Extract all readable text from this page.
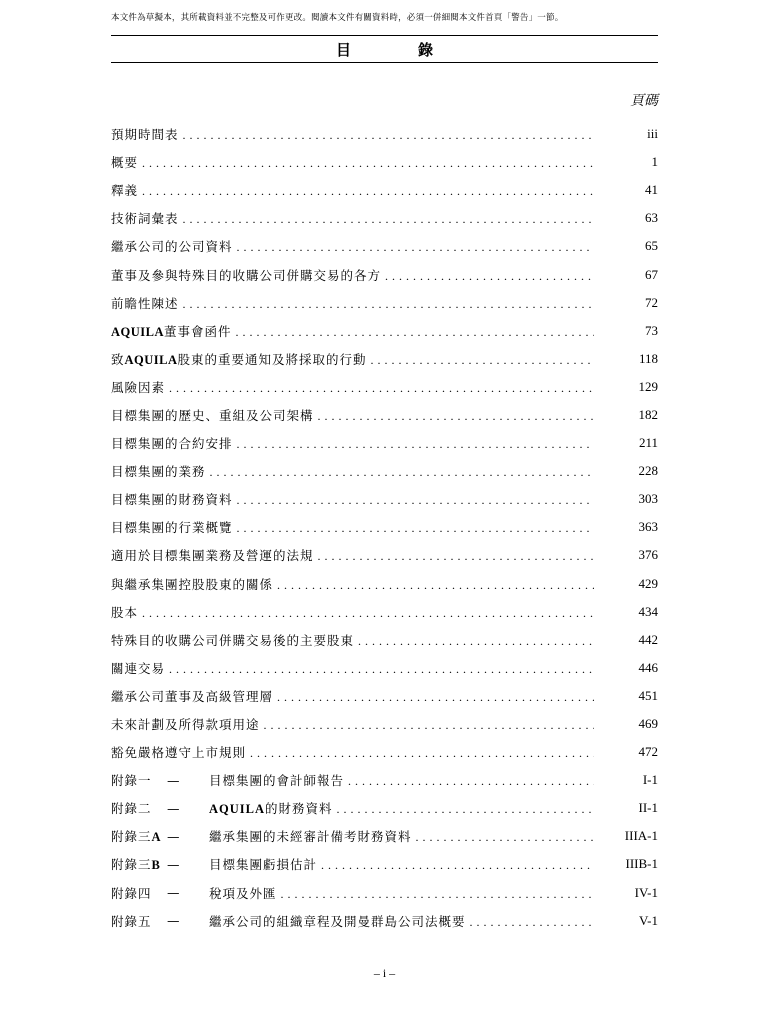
本文件為草擬本，其所載資料並不完整及可作更改。閱讀本文件有關資料時，必須一併細閱本文件首頁「警告」一節。
目　錄
頁碼
預期時間表 .....	iii
概要 .....	1
釋義 .....	41
技術詞彙表 .....	63
繼承公司的公司資料 .....	65
董事及參與特殊目的收購公司併購交易的各方 .....	67
前瞻性陳述 .....	72
AQUILA董事會函件 .....	73
致AQUILA股東的重要通知及將採取的行動 .....	118
風險因素 .....	129
目標集團的歷史、重組及公司架構 .....	182
目標集團的合約安排 .....	211
目標集團的業務 .....	228
目標集團的財務資料 .....	303
目標集團的行業概覽 .....	363
適用於目標集團業務及營運的法規 .....	376
與繼承集團控股股東的關係 .....	429
股本 .....	434
特殊目的收購公司併購交易後的主要股東 .....	442
關連交易 .....	446
繼承公司董事及高級管理層 .....	451
未來計劃及所得款項用途 .....	469
豁免嚴格遵守上市規則 .....	472
附錄一	—	目標集團的會計師報告 .....	I-1
附錄二	—	AQUILA的財務資料 .....	II-1
附錄三A —	繼承集團的未經審計備考財務資料 .....	IIIA-1
附錄三B —	目標集團虧損估計 .....	IIIB-1
附錄四	—	稅項及外匯 .....	IV-1
附錄五	—	繼承公司的組織章程及開曼群島公司法概要 .....	V-1
– i –
